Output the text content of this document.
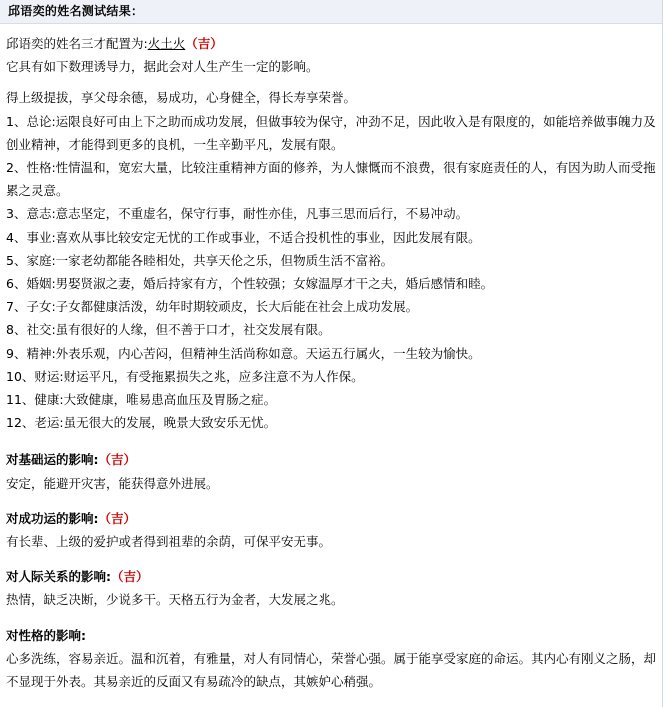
邱语奕的姓名测试结果：
邱语奕的姓名三才配置为:火土火（吉）
它具有如下数理诱导力，据此会对人生产生一定的影响。
得上级提拔，享父母余德，易成功，心身健全，得长寿享荣誉。
1、总论:运限良好可由上下之助而成功发展，但做事较为保守，冲劲不足，因此收入是有限度的，如能培养做事魄力及创业精神，才能得到更多的良机，一生辛勤平凡，发展有限。
2、性格:性情温和，宽宏大量，比较注重精神方面的修养，为人慷慨而不浪费，很有家庭责任的人，有因为助人而受拖累之灵意。
3、意志:意志坚定，不重虚名，保守行事，耐性亦佳，凡事三思而后行，不易冲动。
4、事业:喜欢从事比较安定无忧的工作或事业，不适合投机性的事业，因此发展有限。
5、家庭:一家老幼都能各睦相处，共享天伦之乐，但物质生活不富裕。
6、婚姻:男娶贤淑之妻，婚后持家有方，个性较强；女嫁温厚才干之夫，婚后感情和睦。
7、子女:子女都健康活泼，幼年时期较顽皮，长大后能在社会上成功发展。
8、社交:虽有很好的人缘，但不善于口才，社交发展有限。
9、精神:外表乐观，内心苦闷，但精神生活尚称如意。天运五行属火，一生较为愉快。
10、财运:财运平凡，有受拖累损失之兆，应多注意不为人作保。
11、健康:大致健康，唯易患高血压及胃肠之症。
12、老运:虽无很大的发展，晚景大致安乐无忧。
对基础运的影响:（吉）
安定，能避开灾害，能获得意外进展。
对成功运的影响:（吉）
有长辈、上级的爱护或者得到祖辈的余荫，可保平安无事。
对人际关系的影响:（吉）
热情，缺乏决断，少说多干。天格五行为金者，大发展之兆。
对性格的影响:
心多洗练，容易亲近。温和沉着，有雅量，对人有同情心，荣誉心强。属于能享受家庭的命运。其内心有刚义之肠，却不显现于外表。其易亲近的反面又有易疏冷的缺点，其嫉妒心稍强。
